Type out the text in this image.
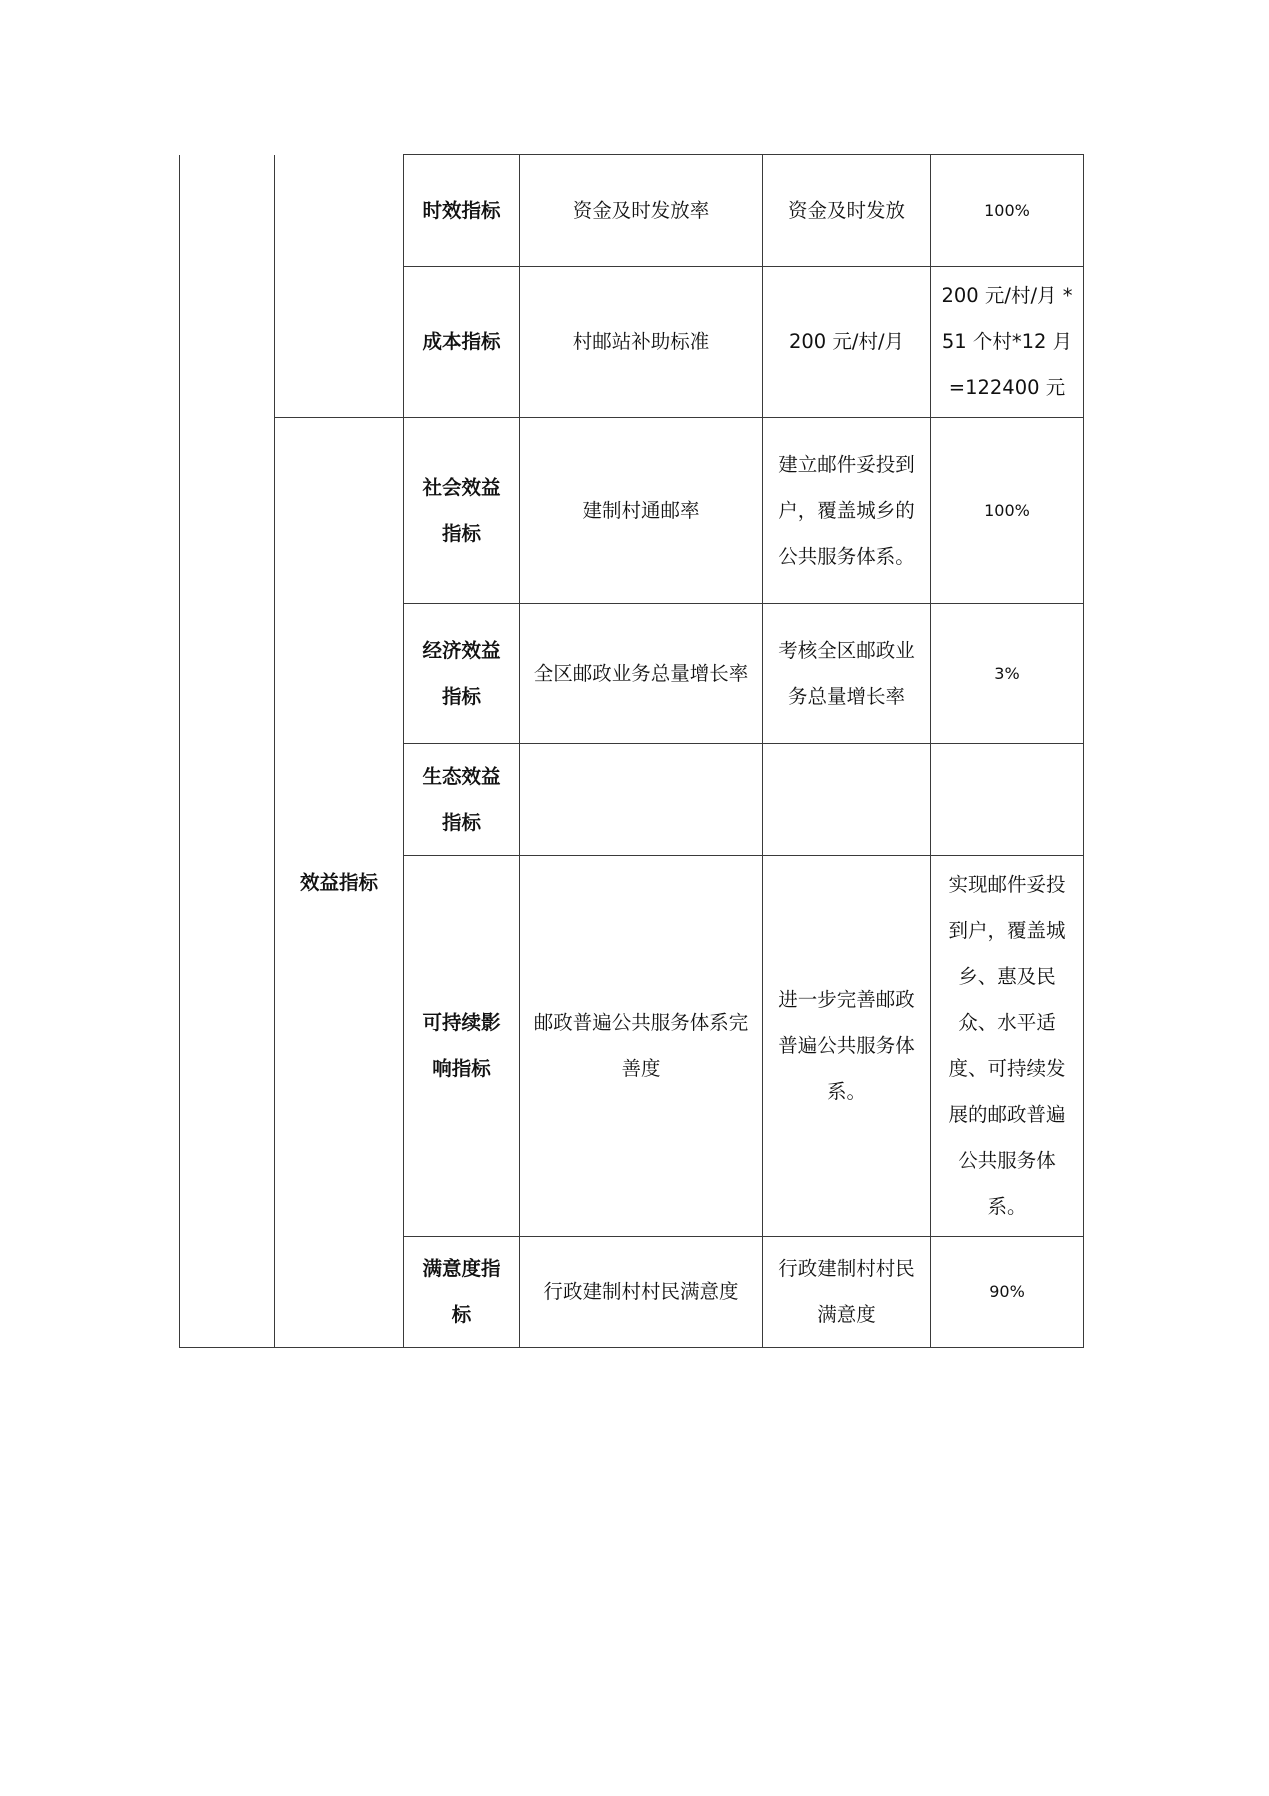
		时效指标	资金及时发放率	资金及时发放	100%
		成本指标	村邮站补助标准	200 元/村/月	200 元/村/月 *51 个村*12 月=122400 元
	效益指标	社会效益指标	建制村通邮率	建立邮件妥投到户，覆盖城乡的公共服务体系。	100%
		经济效益指标	全区邮政业务总量增长率	考核全区邮政业务总量增长率	3%
		生态效益指标			
		可持续影响指标	邮政普遍公共服务体系完善度	进一步完善邮政普遍公共服务体系。	实现邮件妥投到户，覆盖城乡、惠及民众、水平适度、可持续发展的邮政普遍公共服务体系。
		满意度指标	行政建制村村民满意度	行政建制村村民满意度	90%
